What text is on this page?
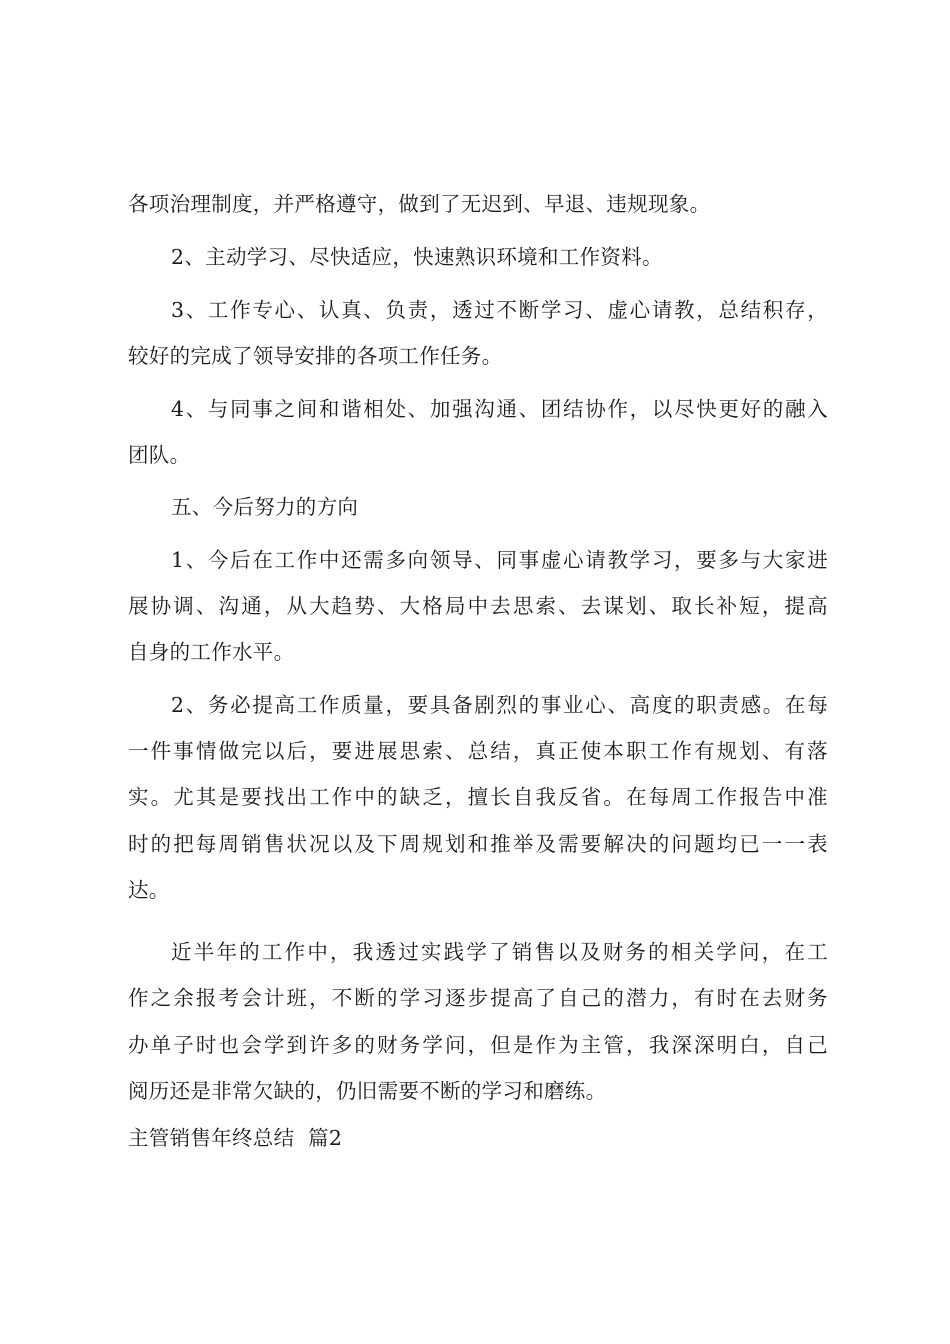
各项治理制度，并严格遵守，做到了无迟到、早退、违规现象。
2、主动学习、尽快适应，快速熟识环境和工作资料。
3、工作专心、认真、负责，透过不断学习、虚心请教，总结积存，
较好的完成了领导安排的各项工作任务。
4、与同事之间和谐相处、加强沟通、团结协作，以尽快更好的融入
团队。
五、今后努力的方向
1、今后在工作中还需多向领导、同事虚心请教学习，要多与大家进
展协调、沟通，从大趋势、大格局中去思索、去谋划、取长补短，提高
自身的工作水平。
2、务必提高工作质量，要具备剧烈的事业心、高度的职责感。在每
一件事情做完以后，要进展思索、总结，真正使本职工作有规划、有落
实。尤其是要找出工作中的缺乏，擅长自我反省。在每周工作报告中准
时的把每周销售状况以及下周规划和推举及需要解决的问题均已一一表
达。
近半年的工作中，我透过实践学了销售以及财务的相关学问，在工
作之余报考会计班，不断的学习逐步提高了自己的潜力，有时在去财务
办单子时也会学到许多的财务学问，但是作为主管，我深深明白，自己
阅历还是非常欠缺的，仍旧需要不断的学习和磨练。
主管销售年终总结  篇2
